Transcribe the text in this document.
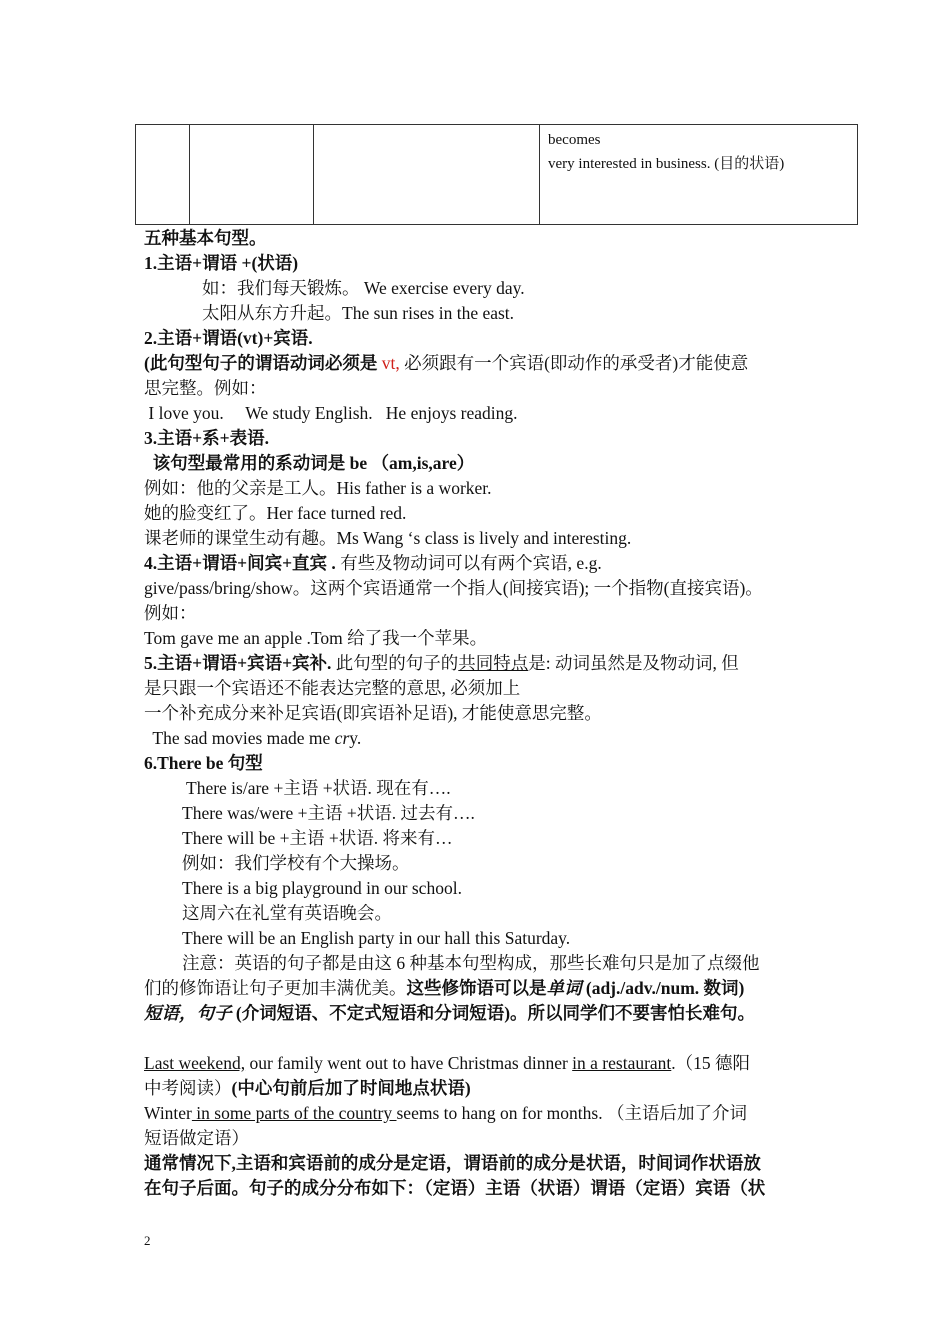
becomes
very interested in business. (目的状语)

五种基本句型。

1.主语+谓语 +(状语)

如：我们每天锻炼。 We exercise every day.

太阳从东方升起。The sun rises in the east.

2.主语+谓语(vt)+宾语.

(此句型句子的谓语动词必须是 vt, 必须跟有一个宾语(即动作的承受者)才能使意

思完整。例如：

I love you.     We study English.   He enjoys reading.

3.主语+系+表语.

该句型最常用的系动词是 be （am,is,are）

例如：他的父亲是工人。His father is a worker.

她的脸变红了。Her face turned red.

课老师的课堂生动有趣。Ms Wang ‘s class is lively and interesting.

4.主语+谓语+间宾+直宾 . 有些及物动词可以有两个宾语, e.g.

give/pass/bring/show。这两个宾语通常一个指人(间接宾语); 一个指物(直接宾语)。

例如：

Tom gave me an apple .Tom 给了我一个苹果。

5.主语+谓语+宾语+宾补. 此句型的句子的共同特点是: 动词虽然是及物动词, 但

是只跟一个宾语还不能表达完整的意思, 必须加上

一个补充成分来补足宾语(即宾语补足语), 才能使意思完整。

The sad movies made me cry.

6.There be 句型

There is/are +主语 +状语. 现在有….

There was/were +主语 +状语. 过去有….

There will be +主语 +状语. 将来有…

例如：我们学校有个大操场。

There is a big playground in our school.

这周六在礼堂有英语晚会。

There will be an English party in our hall this Saturday.

注意：英语的句子都是由这 6 种基本句型构成，那些长难句只是加了点缀他

们的修饰语让句子更加丰满优美。这些修饰语可以是单词 (adj./adv./num. 数词)

短语，句子 (介词短语、不定式短语和分词短语)。所以同学们不要害怕长难句。

Last weekend, our family went out to have Christmas dinner in a restaurant.（15 德阳

中考阅读）(中心句前后加了时间地点状语)

Winter in some parts of the country seems to hang on for months. （主语后加了介词

短语做定语）

通常情况下,主语和宾语前的成分是定语，谓语前的成分是状语，时间词作状语放

在句子后面。句子的成分分布如下：（定语）主语（状语）谓语（定语）宾语（状

2
